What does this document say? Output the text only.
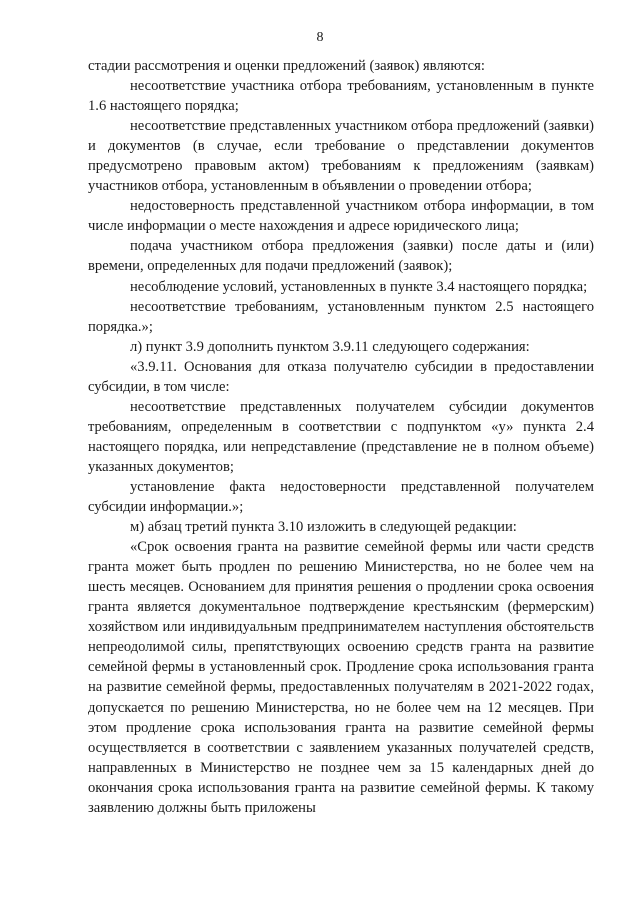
8

стадии рассмотрения и оценки предложений (заявок) являются:

несоответствие участника отбора требованиям, установленным в пункте 1.6 настоящего порядка;

несоответствие представленных участником отбора предложений (заявки) и документов (в случае, если требование о представлении документов предусмотрено правовым актом) требованиям к предложениям (заявкам) участников отбора, установленным в объявлении о проведении отбора;

недостоверность представленной участником отбора информации, в том числе информации о месте нахождения и адресе юридического лица;

подача участником отбора предложения (заявки) после даты и (или) времени, определенных для подачи предложений (заявок);

несоблюдение условий, установленных в пункте 3.4 настоящего порядка;

несоответствие требованиям, установленным пунктом 2.5 настоящего порядка.»;

л) пункт 3.9 дополнить пунктом 3.9.11 следующего содержания:

«3.9.11. Основания для отказа получателю субсидии в предоставлении субсидии, в том числе:

несоответствие представленных получателем субсидии документов требованиям, определенным в соответствии с подпунктом «у» пункта 2.4 настоящего порядка, или непредставление (представление не в полном объеме) указанных документов;

установление факта недостоверности представленной получателем субсидии информации.»;

м) абзац третий пункта 3.10 изложить в следующей редакции:

«Срок освоения гранта на развитие семейной фермы или части средств гранта может быть продлен по решению Министерства, но не более чем на шесть месяцев. Основанием для принятия решения о продлении срока освоения гранта является документальное подтверждение крестьянским (фермерским) хозяйством или индивидуальным предпринимателем наступления обстоятельств непреодолимой силы, препятствующих освоению средств гранта на развитие семейной фермы в установленный срок. Продление срока использования гранта на развитие семейной фермы, предоставленных получателям в 2021-2022 годах, допускается по решению Министерства, но не более чем на 12 месяцев. При этом продление срока использования гранта на развитие семейной фермы осуществляется в соответствии с заявлением указанных получателей средств, направленных в Министерство не позднее чем за 15 календарных дней до окончания срока использования гранта на развитие семейной фермы. К такому заявлению должны быть приложены
